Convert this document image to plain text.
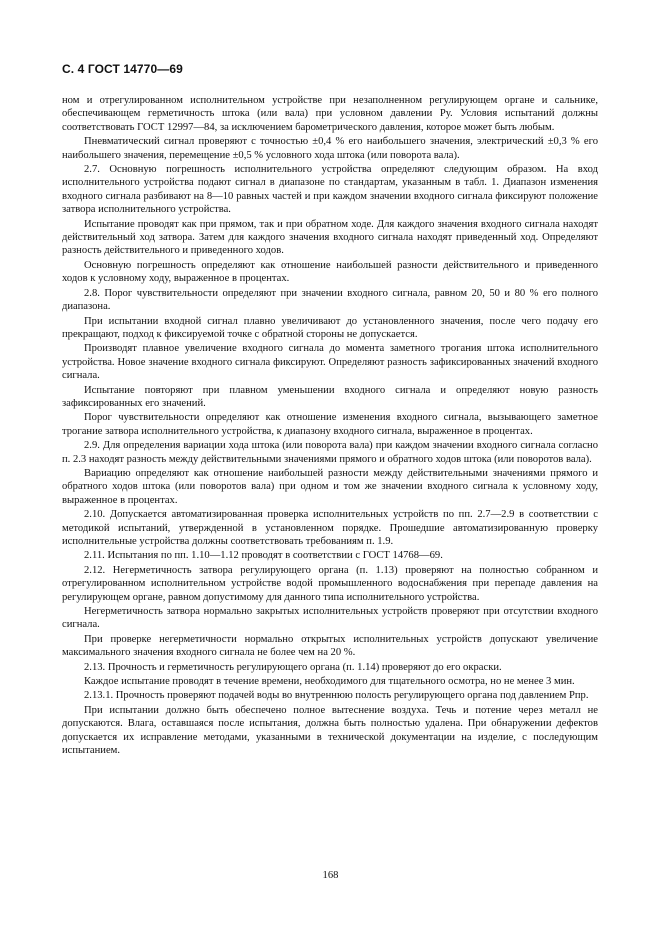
С. 4 ГОСТ 14770—69

ном и отрегулированном исполнительном устройстве при незаполненном регулирующем органе и сальнике, обеспечивающем герметичность штока (или вала) при условном давлении Pу. Условия испытаний должны соответствовать ГОСТ 12997—84, за исключением барометрического давления, которое может быть любым.

Пневматический сигнал проверяют с точностью ±0,4 % его наибольшего значения, электрический ±0,3 % его наибольшего значения, перемещение ±0,5 % условного хода штока (или поворота вала).

2.7. Основную погрешность исполнительного устройства определяют следующим образом. На вход исполнительного устройства подают сигнал в диапазоне по стандартам, указанным в табл. 1. Диапазон изменения входного сигнала разбивают на 8—10 равных частей и при каждом значении входного сигнала фиксируют положение затвора исполнительного устройства.

Испытание проводят как при прямом, так и при обратном ходе. Для каждого значения входного сигнала находят действительный ход затвора. Затем для каждого значения входного сигнала находят приведенный ход. Определяют разность действительного и приведенного ходов.

Основную погрешность определяют как отношение наибольшей разности действительного и приведенного ходов к условному ходу, выраженное в процентах.

2.8. Порог чувствительности определяют при значении входного сигнала, равном 20, 50 и 80 % его полного диапазона.

При испытании входной сигнал плавно увеличивают до установленного значения, после чего подачу его прекращают, подход к фиксируемой точке с обратной стороны не допускается.

Производят плавное увеличение входного сигнала до момента заметного трогания штока исполнительного устройства. Новое значение входного сигнала фиксируют. Определяют разность зафиксированных значений входного сигнала.

Испытание повторяют при плавном уменьшении входного сигнала и определяют новую разность зафиксированных его значений.

Порог чувствительности определяют как отношение изменения входного сигнала, вызывающего заметное трогание затвора исполнительного устройства, к диапазону входного сигнала, выраженное в процентах.

2.9. Для определения вариации хода штока (или поворота вала) при каждом значении входного сигнала согласно п. 2.3 находят разность между действительными значениями прямого и обратного ходов штока (или поворотов вала).

Вариацию определяют как отношение наибольшей разности между действительными значениями прямого и обратного ходов штока (или поворотов вала) при одном и том же значении входного сигнала к условному ходу, выраженное в процентах.

2.10. Допускается автоматизированная проверка исполнительных устройств по пп. 2.7—2.9 в соответствии с методикой испытаний, утвержденной в установленном порядке. Прошедшие автоматизированную проверку исполнительные устройства должны соответствовать требованиям п. 1.9.

2.11. Испытания по пп. 1.10—1.12 проводят в соответствии с ГОСТ 14768—69.

2.12. Негерметичность затвора регулирующего органа (п. 1.13) проверяют на полностью собранном и отрегулированном исполнительном устройстве водой промышленного водоснабжения при перепаде давления на регулирующем органе, равном допустимому для данного типа исполнительного устройства.

Негерметичность затвора нормально закрытых исполнительных устройств проверяют при отсутствии входного сигнала.

При проверке негерметичности нормально открытых исполнительных устройств допускают увеличение максимального значения входного сигнала не более чем на 20 %.

2.13. Прочность и герметичность регулирующего органа (п. 1.14) проверяют до его окраски.

Каждое испытание проводят в течение времени, необходимого для тщательного осмотра, но не менее 3 мин.

2.13.1. Прочность проверяют подачей воды во внутреннюю полость регулирующего органа под давлением Pпр.

При испытании должно быть обеспечено полное вытеснение воздуха. Течь и потение через металл не допускаются. Влага, оставшаяся после испытания, должна быть полностью удалена. При обнаружении дефектов допускается их исправление методами, указанными в технической документации на изделие, с последующим испытанием.

168
